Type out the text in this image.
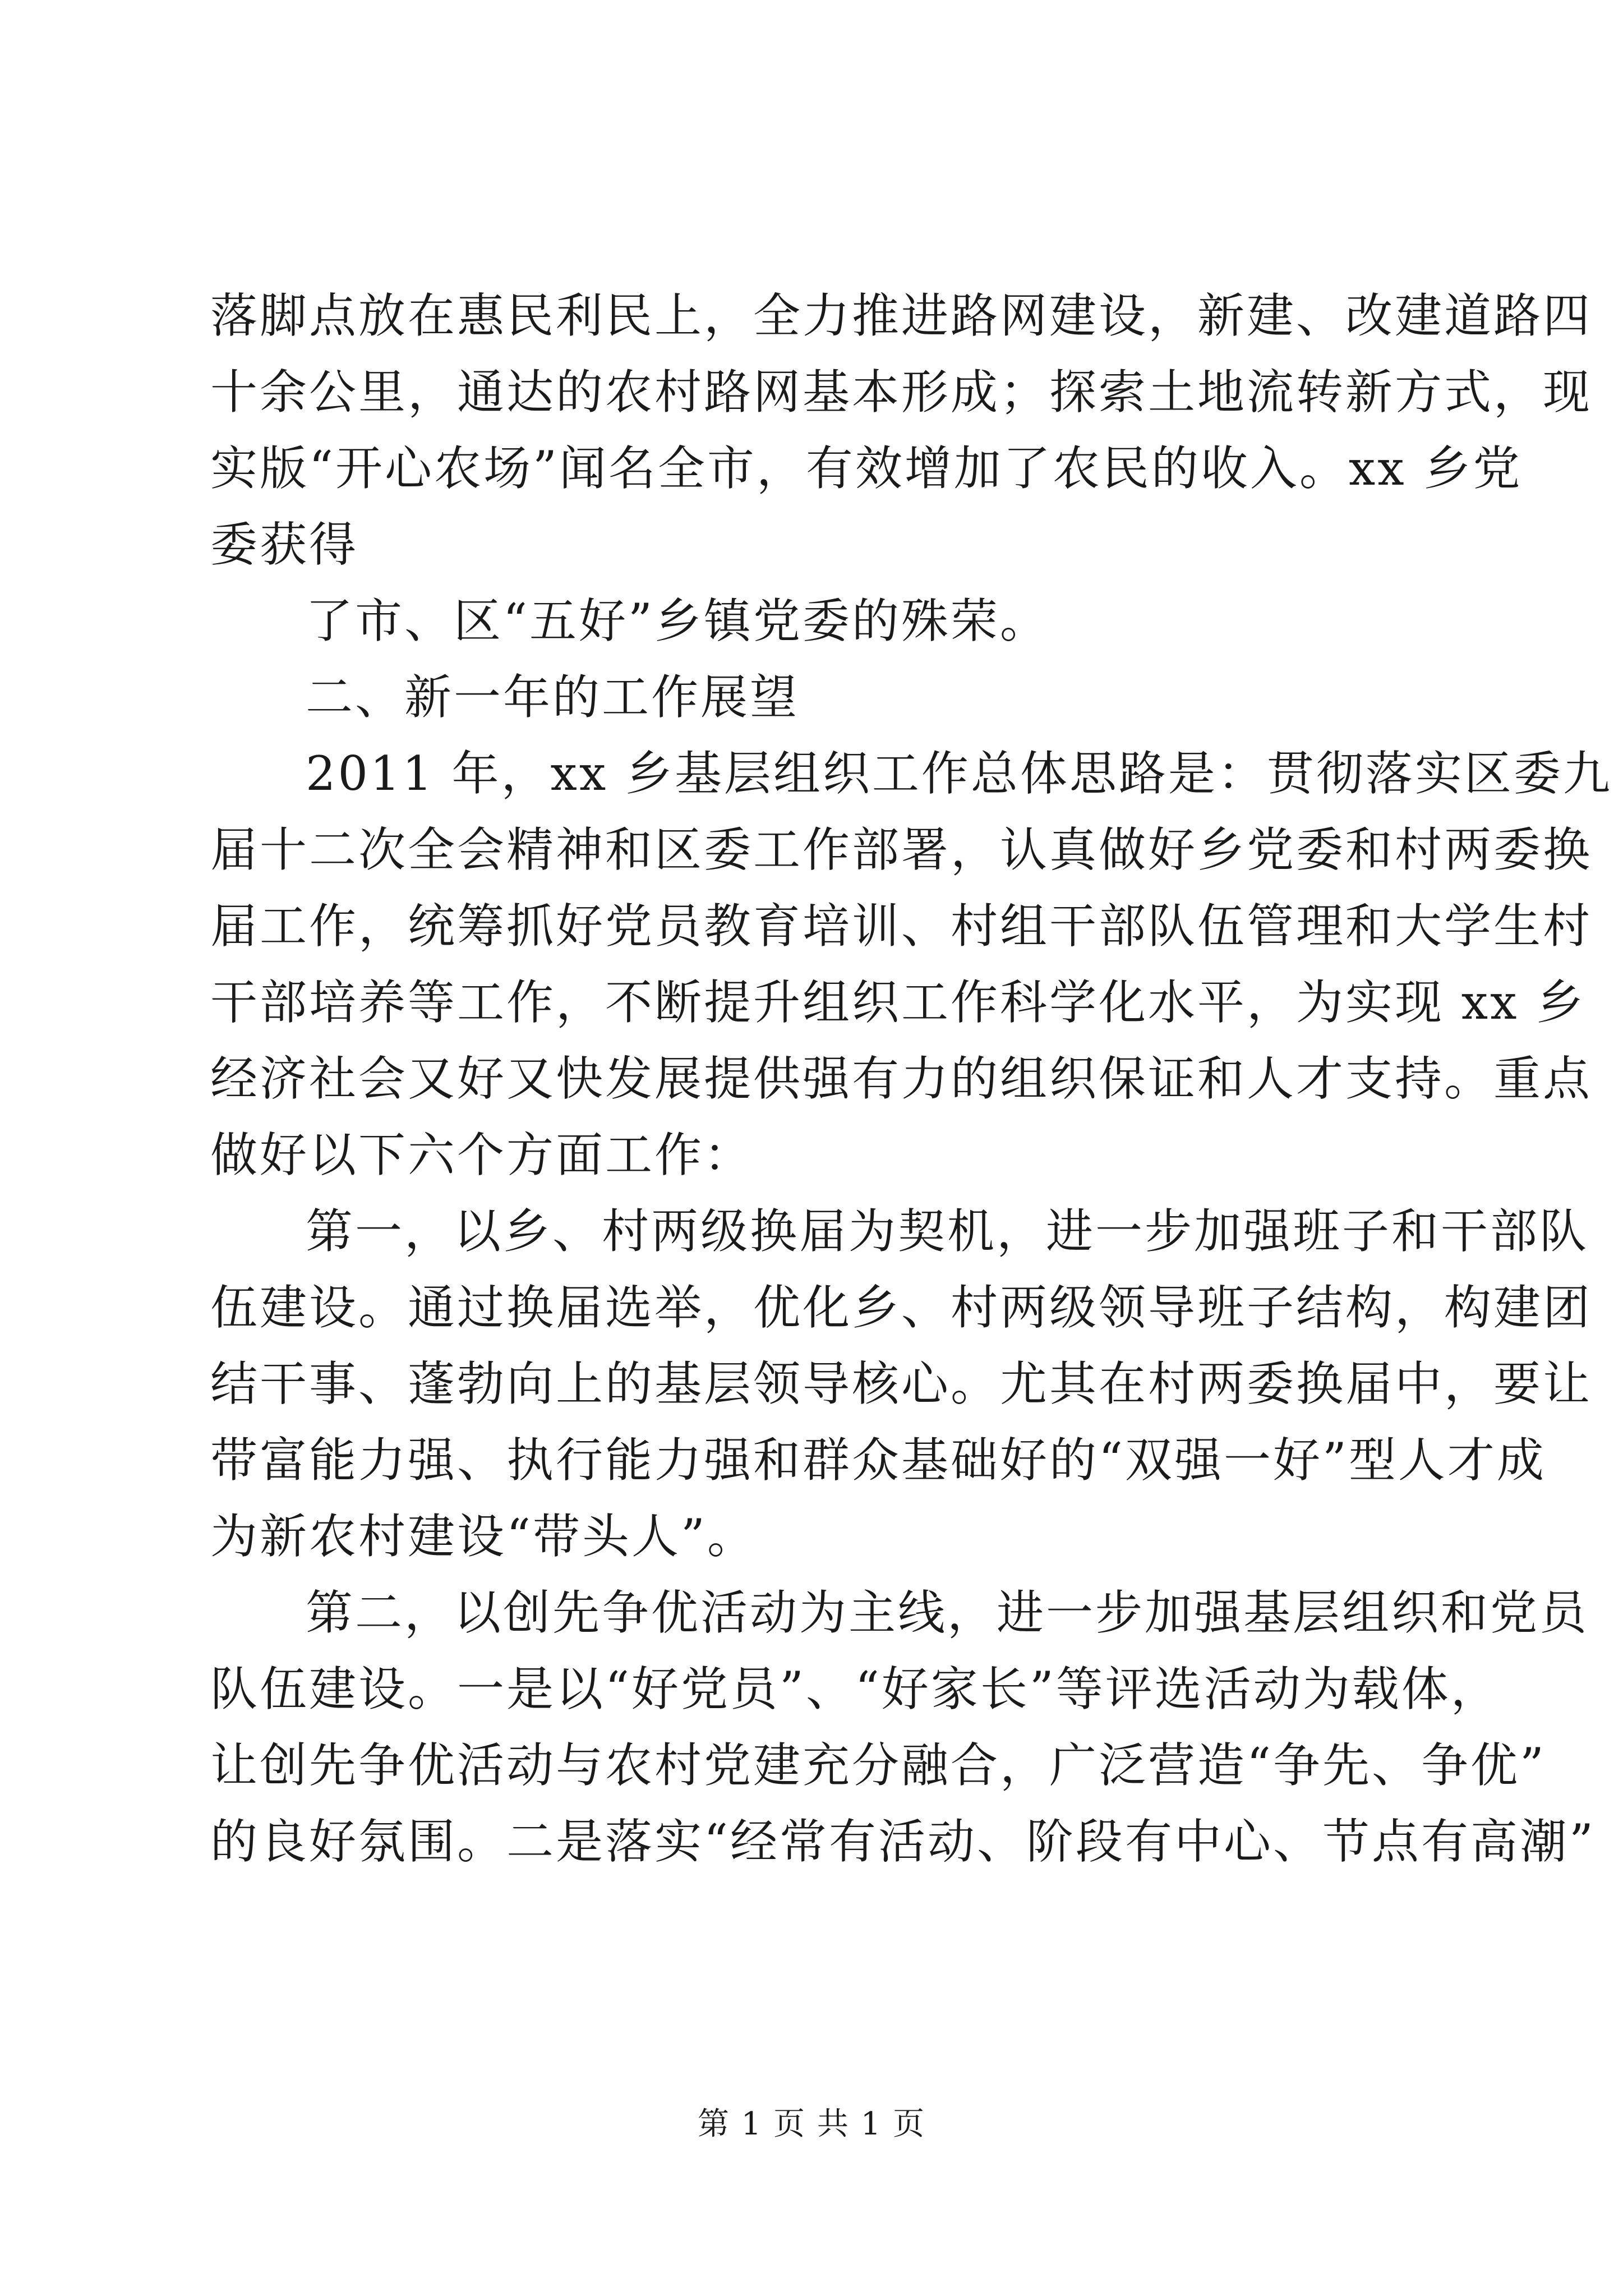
落脚点放在惠民利民上，全力推进路网建设，新建、改建道路四
十余公里，通达的农村路网基本形成；探索土地流转新方式，现
实版“开心农场”闻名全市，有效增加了农民的收入。xx 乡党
委获得
了市、区“五好”乡镇党委的殊荣。
二、新一年的工作展望
2011 年，xx 乡基层组织工作总体思路是：贯彻落实区委九
届十二次全会精神和区委工作部署，认真做好乡党委和村两委换
届工作，统筹抓好党员教育培训、村组干部队伍管理和大学生村
干部培养等工作，不断提升组织工作科学化水平，为实现 xx 乡
经济社会又好又快发展提供强有力的组织保证和人才支持。重点
做好以下六个方面工作：
第一，以乡、村两级换届为契机，进一步加强班子和干部队
伍建设。通过换届选举，优化乡、村两级领导班子结构，构建团
结干事、蓬勃向上的基层领导核心。尤其在村两委换届中，要让
带富能力强、执行能力强和群众基础好的“双强一好”型人才成
为新农村建设“带头人”。
第二，以创先争优活动为主线，进一步加强基层组织和党员
队伍建设。一是以“好党员”、“好家长”等评选活动为载体，
让创先争优活动与农村党建充分融合，广泛营造“争先、争优”
的良好氛围。二是落实“经常有活动、阶段有中心、节点有高潮”
第 1 页 共 1 页
